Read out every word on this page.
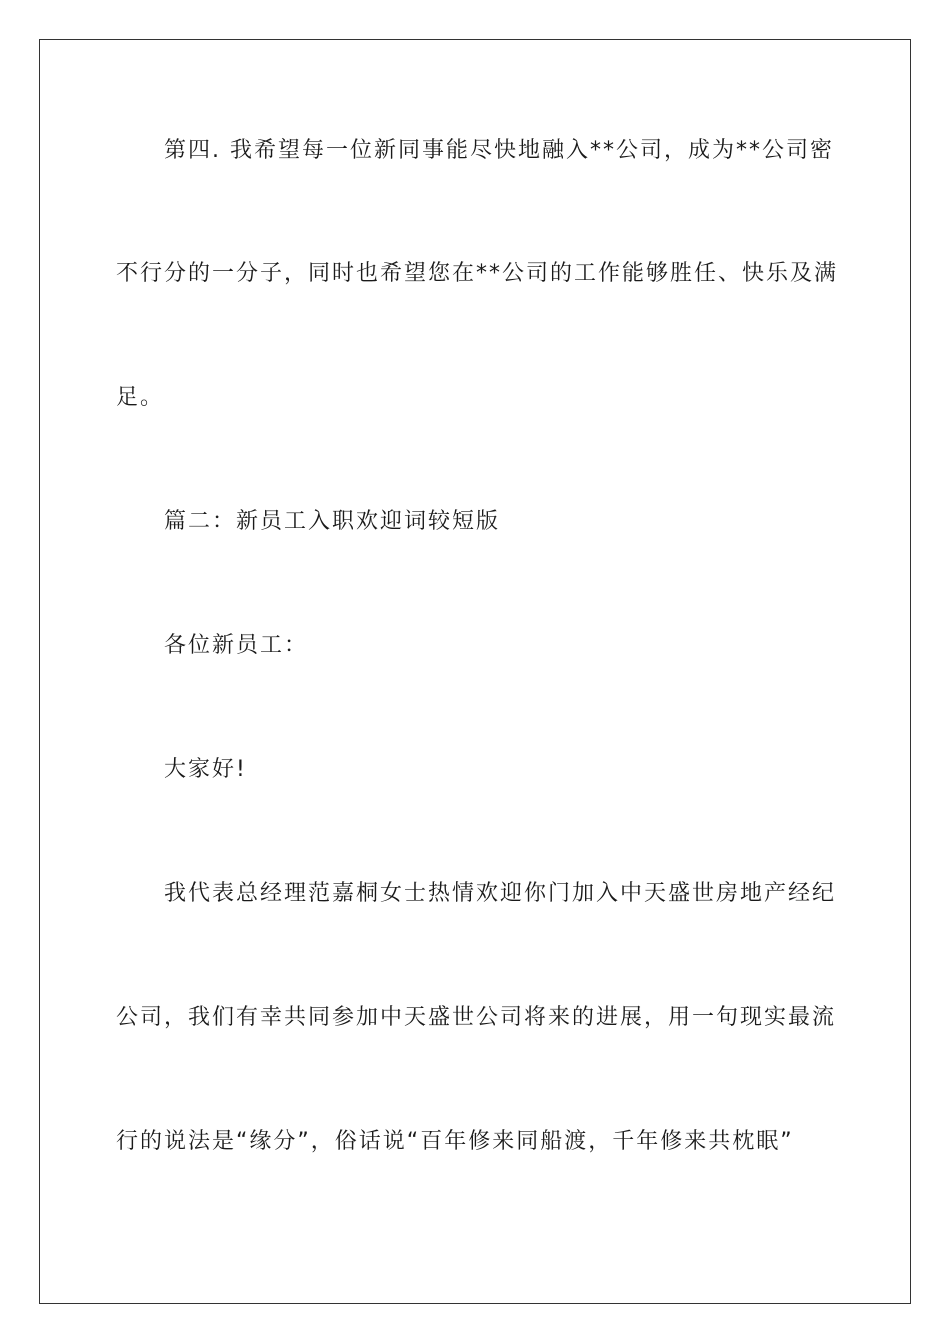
第四. 我希望每一位新同事能尽快地融入**公司，成为**公司密
不行分的一分子，同时也希望您在**公司的工作能够胜任、快乐及满
足。
篇二：新员工入职欢迎词较短版
各位新员工：
大家好!
我代表总经理范嘉桐女士热情欢迎你门加入中天盛世房地产经纪
公司，我们有幸共同参加中天盛世公司将来的进展，用一句现实最流
行的说法是“缘分”，俗话说“百年修来同船渡，千年修来共枕眠”
